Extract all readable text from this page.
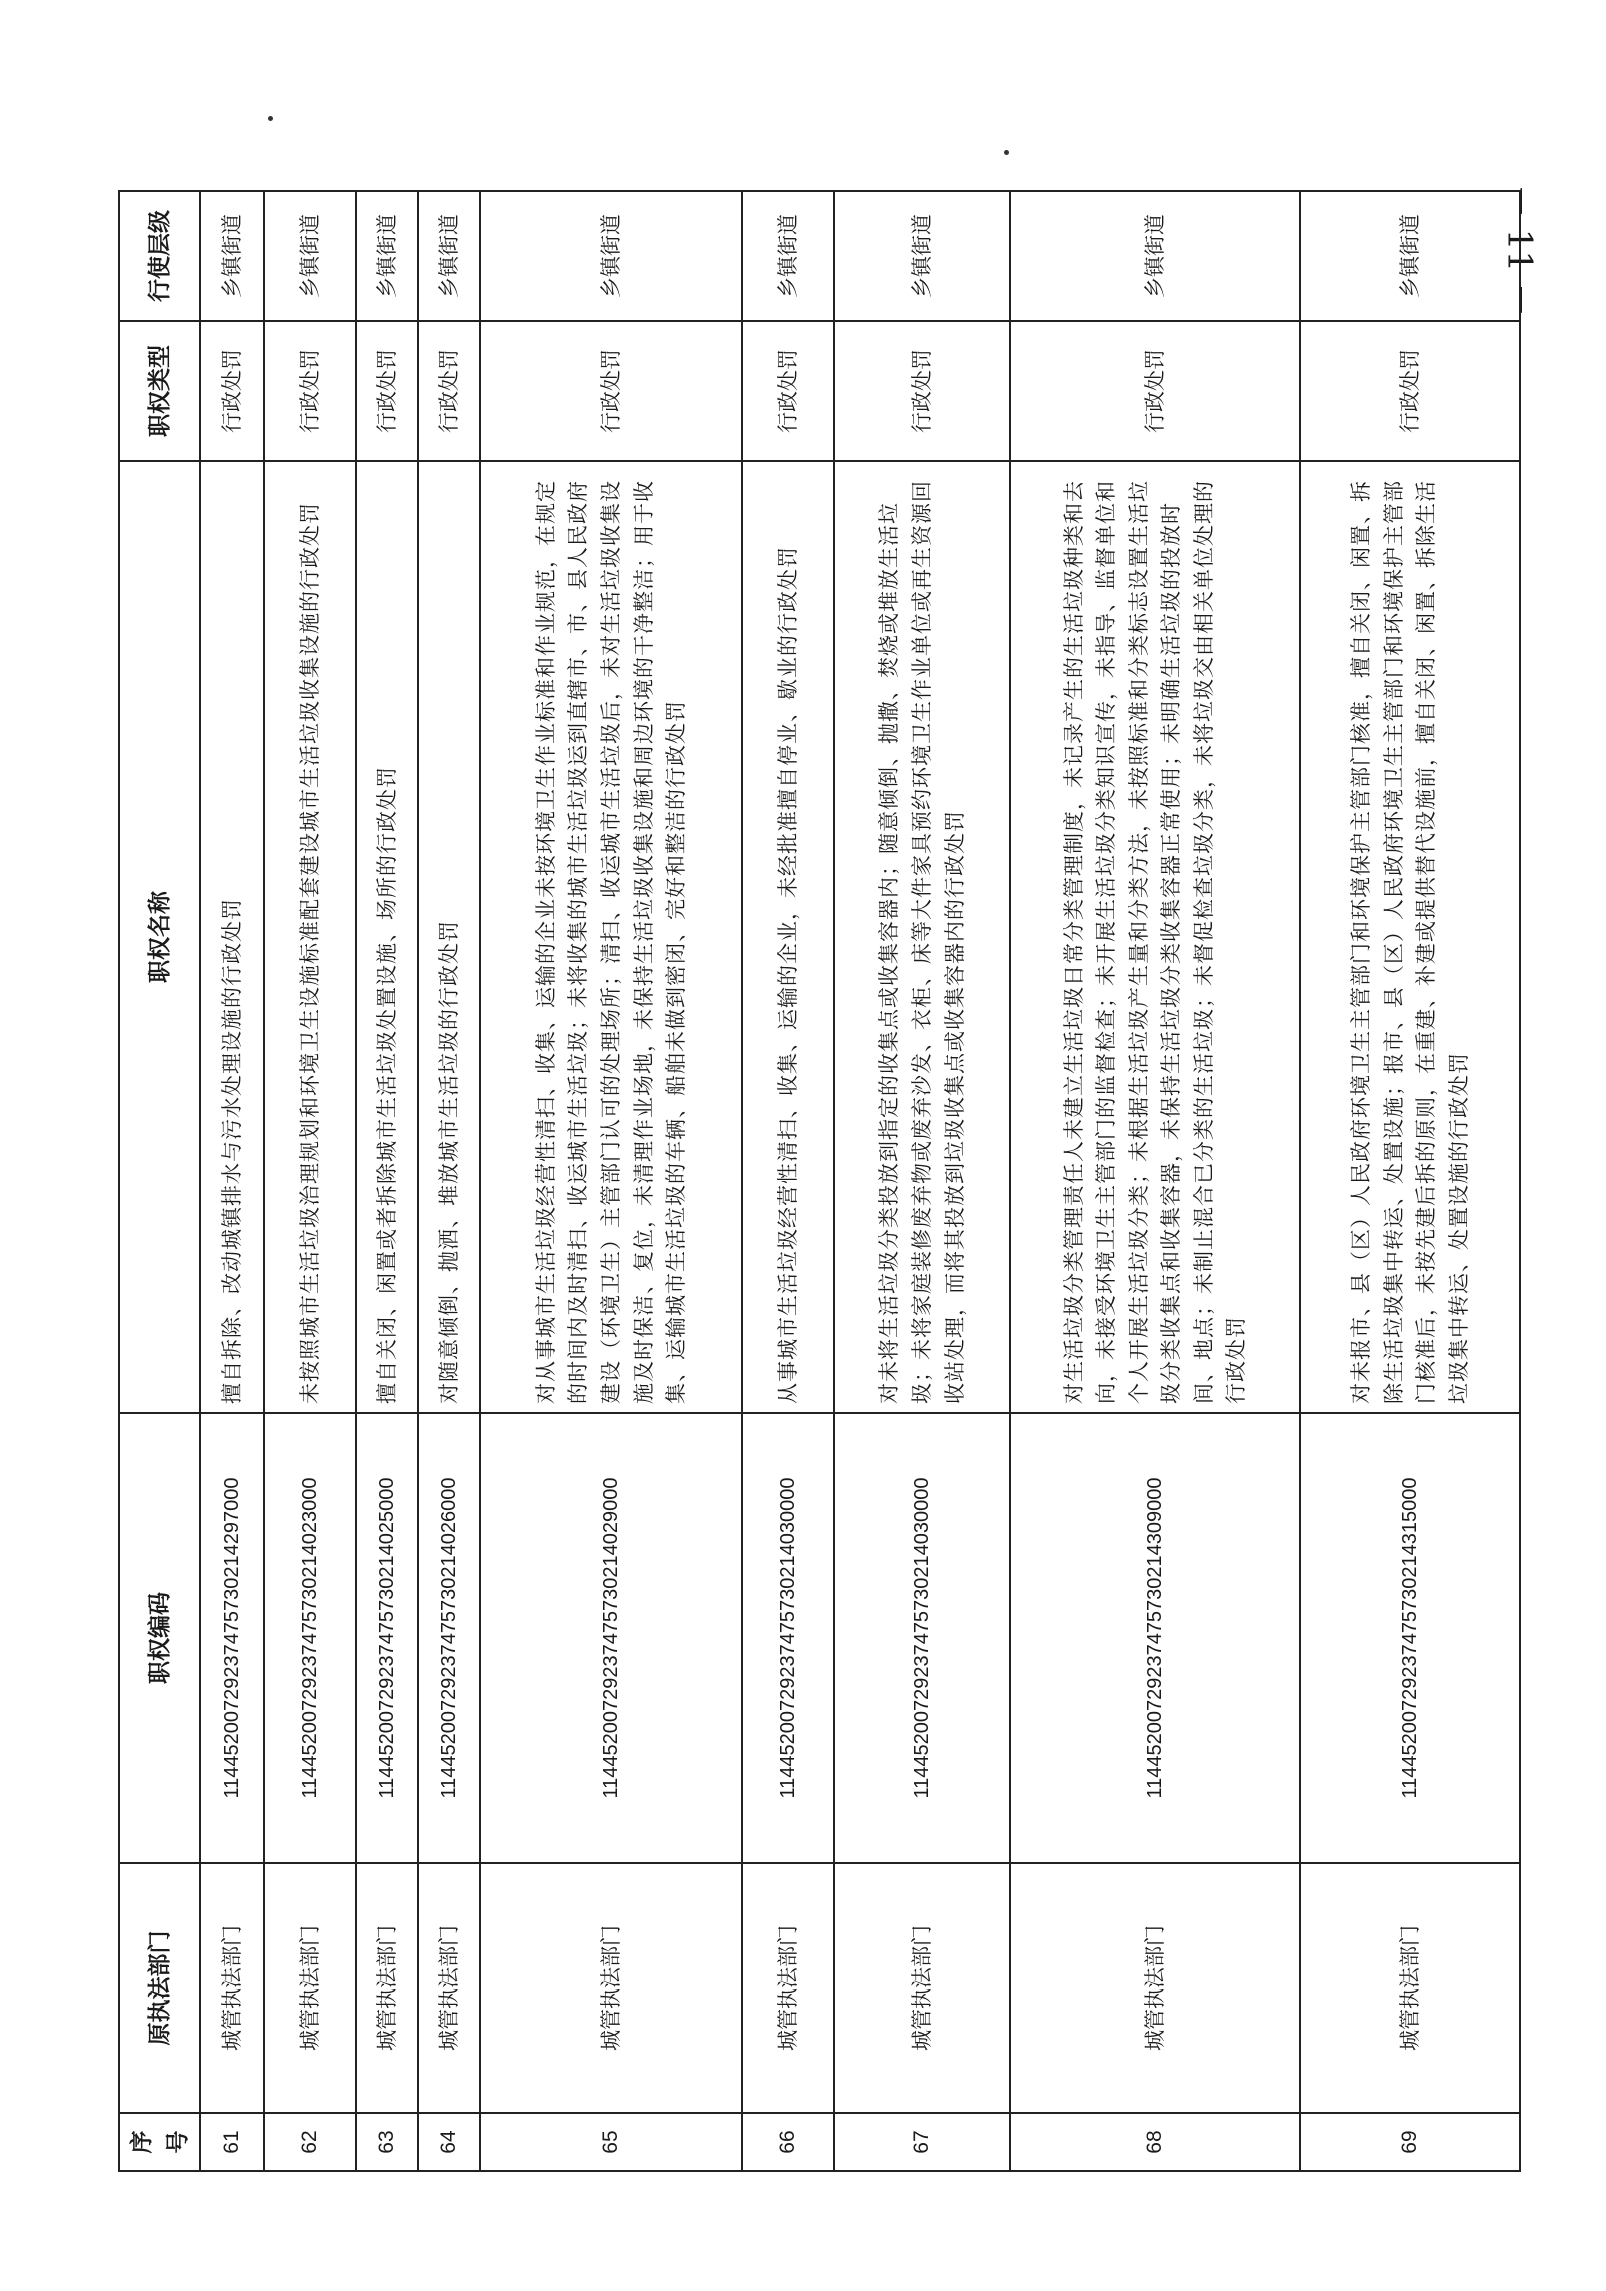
－ 11 －
序号	原执法部门	职权编码	职权名称	职权类型	行使层级
61	城管执法部门	11445200729237475730214297000	擅自拆除、改动城镇排水与污水处理设施的行政处罚	行政处罚	乡镇街道
62	城管执法部门	11445200729237475730214023000	未按照城市生活垃圾治理规划和环境卫生设施标准配套建设城市生活垃圾收集设施的行政处罚	行政处罚	乡镇街道
63	城管执法部门	11445200729237475730214025000	擅自关闭、闲置或者拆除城市生活垃圾处置设施、场所的行政处罚	行政处罚	乡镇街道
64	城管执法部门	11445200729237475730214026000	对随意倾倒、抛洒、堆放城市生活垃圾的行政处罚	行政处罚	乡镇街道
65	城管执法部门	11445200729237475730214029000	对从事城市生活垃圾经营性清扫、收集、运输的企业未按环境卫生作业标准和作业规范，在规定的时间内及时清扫、收运城市生活垃圾；未将收集的城市生活垃圾运到直辖市、市、县人民政府建设（环境卫生）主管部门认可的处理场所；清扫、收运城市生活垃圾后，未对生活垃圾收集设施及时保洁、复位，未清理作业场地，未保持生活垃圾收集设施和周边环境的干净整洁；用于收集、运输城市生活垃圾的车辆、船舶未做到密闭、完好和整洁的行政处罚	行政处罚	乡镇街道
66	城管执法部门	11445200729237475730214030000	从事城市生活垃圾经营性清扫、收集、运输的企业，未经批准擅自停业、歇业的行政处罚	行政处罚	乡镇街道
67	城管执法部门	11445200729237475730214030000	对未将生活垃圾分类投放到指定的收集点或收集容器内；随意倾倒、抛撒、焚烧或堆放生活垃圾；未将家庭装修废弃物或废弃沙发、衣柜、床等大件家具预约环境卫生作业单位或再生资源回收站处理，而将其投放到垃圾收集点或收集容器内的行政处罚	行政处罚	乡镇街道
68	城管执法部门	11445200729237475730214309000	对生活垃圾分类管理责任人未建立生活垃圾日常分类管理制度，未记录产生的生活垃圾种类和去向，未接受环境卫生主管部门的监督检查；未开展生活垃圾分类知识宣传，未指导、监督单位和个人开展生活垃圾分类；未根据生活垃圾产生量和分类方法，未按照标准和分类标志设置生活垃圾分类收集点和收集容器，未保持生活垃圾分类收集容器正常使用；未明确生活垃圾的投放时间、地点；未制止混合已分类的生活垃圾；未督促检查垃圾分类，未将垃圾交由相关单位处理的行政处罚	行政处罚	乡镇街道
69	城管执法部门	11445200729237475730214315000	对未报市、县（区）人民政府环境卫生主管部门和环境保护主管部门核准，擅自关闭、闲置、拆除生活垃圾集中转运、处置设施；报市、县（区）人民政府环境卫生主管部门和环境保护主管部门核准后，未按先建后拆的原则，在重建、补建或提供替代设施前，擅自关闭、闲置、拆除生活垃圾集中转运、处置设施的行政处罚	行政处罚	乡镇街道
